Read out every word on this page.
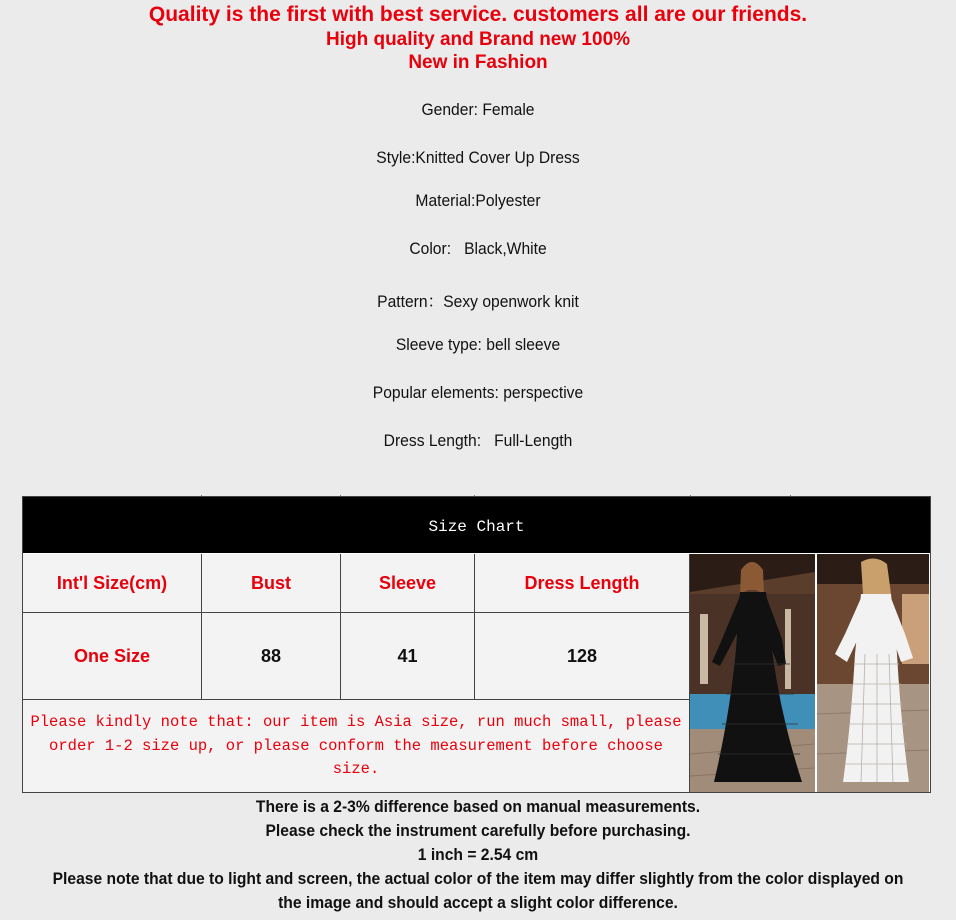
Quality is the first with best service. customers all are our friends.
High quality and Brand new 100%
New in Fashion
Gender: Female
Style:Knitted Cover Up Dress
Material:Polyester
Color:   Black,White
Pattern：Sexy openwork knit
Sleeve type: bell sleeve
Popular elements: perspective
Dress Length:   Full-Length

Size Chart
Int'l Size(cm)	Bust	Sleeve	Dress Length
One Size	88	41	128
Please kindly note that: our item is Asia size, run much small, please order 1-2 size up, or please conform the measurement before choose size.
There is a 2-3% difference based on manual measurements.
Please check the instrument carefully before purchasing.
1 inch = 2.54 cm
Please note that due to light and screen, the actual color of the item may differ slightly from the color displayed on
the image and should accept a slight color difference.
